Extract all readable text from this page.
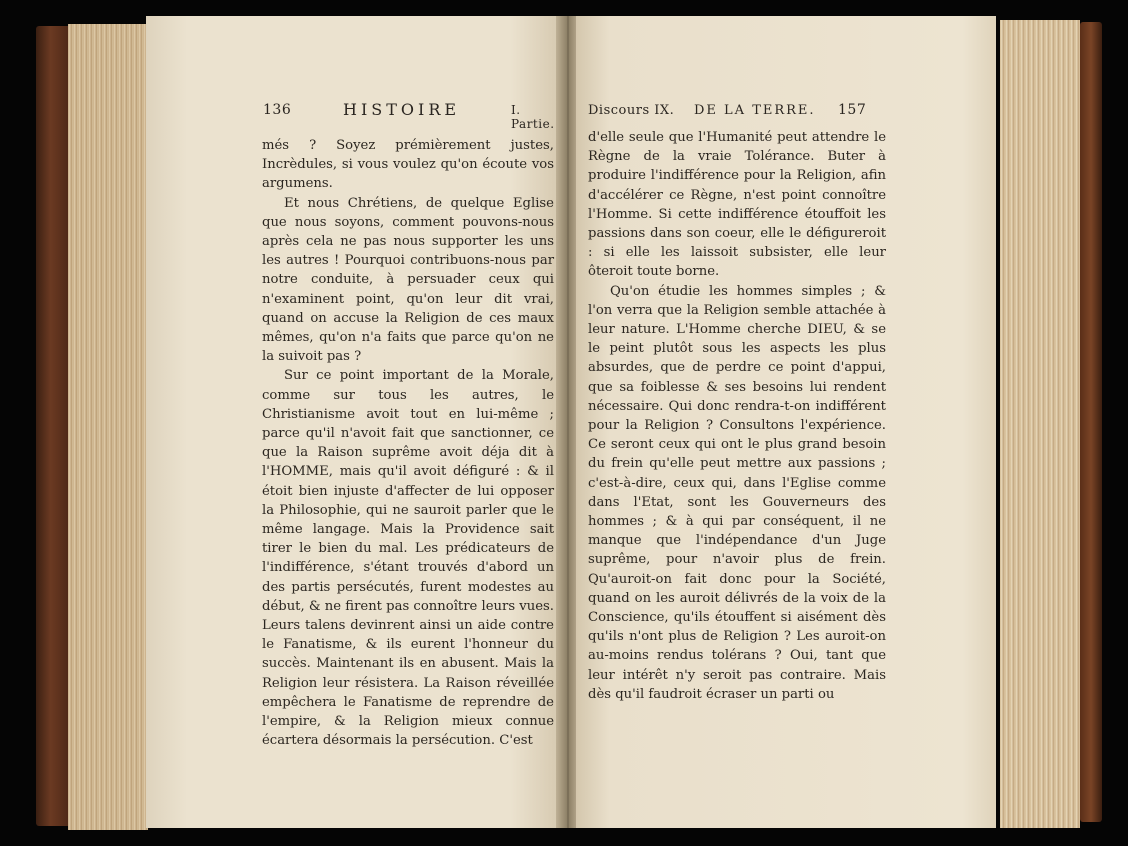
136	HISTOIRE	I. Partie.

més ? Soyez prémièrement justes, Incrèdules, si vous voulez qu'on écoute vos argumens.

Et nous Chrétiens, de quelque Eglise que nous soyons, comment pouvons-nous après cela ne pas nous supporter les uns les autres ! Pourquoi contribuons-nous par notre conduite, à persuader ceux qui n'examinent point, qu'on leur dit vrai, quand on accuse la Religion de ces maux mêmes, qu'on n'a faits que parce qu'on ne la suivoit pas ?

Sur ce point important de la Morale, comme sur tous les autres, le Christianisme avoit tout en lui-même ; parce qu'il n'avoit fait que sanctionner, ce que la Raison suprême avoit déja dit à l'HOMME, mais qu'il avoit défiguré : & il étoit bien injuste d'affecter de lui opposer la Philosophie, qui ne sauroit parler que le même langage. Mais la Providence sait tirer le bien du mal. Les prédicateurs de l'indifférence, s'étant trouvés d'abord un des partis persécutés, furent modestes au début, & ne firent pas connoître leurs vues. Leurs talens devinrent ainsi un aide contre le Fanatisme, & ils eurent l'honneur du succès. Maintenant ils en abusent. Mais la Religion leur résistera. La Raison réveillée empêchera le Fanatisme de reprendre de l'empire, & la Religion mieux connue écartera désormais la persécution. C'est

Discours IX. DE LA TERRE. 157

d'elle seule que l'Humanité peut attendre le Règne de la vraie Tolérance. Buter à produire l'indifférence pour la Religion, afin d'accélérer ce Règne, n'est point connoître l'Homme. Si cette indifférence étouffoit les passions dans son coeur, elle le défigureroit : si elle les laissoit subsister, elle leur ôteroit toute borne.

Qu'on étudie les hommes simples ; & l'on verra que la Religion semble attachée à leur nature. L'Homme cherche DIEU, & se le peint plutôt sous les aspects les plus absurdes, que de perdre ce point d'appui, que sa foiblesse & ses besoins lui rendent nécessaire. Qui donc rendra-t-on indifférent pour la Religion ? Consultons l'expérience. Ce seront ceux qui ont le plus grand besoin du frein qu'elle peut mettre aux passions ; c'est-à-dire, ceux qui, dans l'Eglise comme dans l'Etat, sont les Gouverneurs des hommes ; & à qui par conséquent, il ne manque que l'indépendance d'un Juge suprême, pour n'avoir plus de frein. Qu'auroit-on fait donc pour la Société, quand on les auroit délivrés de la voix de la Conscience, qu'ils étouffent si aisément dès qu'ils n'ont plus de Religion ? Les auroit-on au-moins rendus tolérans ? Oui, tant que leur intérêt n'y seroit pas contraire. Mais dès qu'il faudroit écraser un parti ou
